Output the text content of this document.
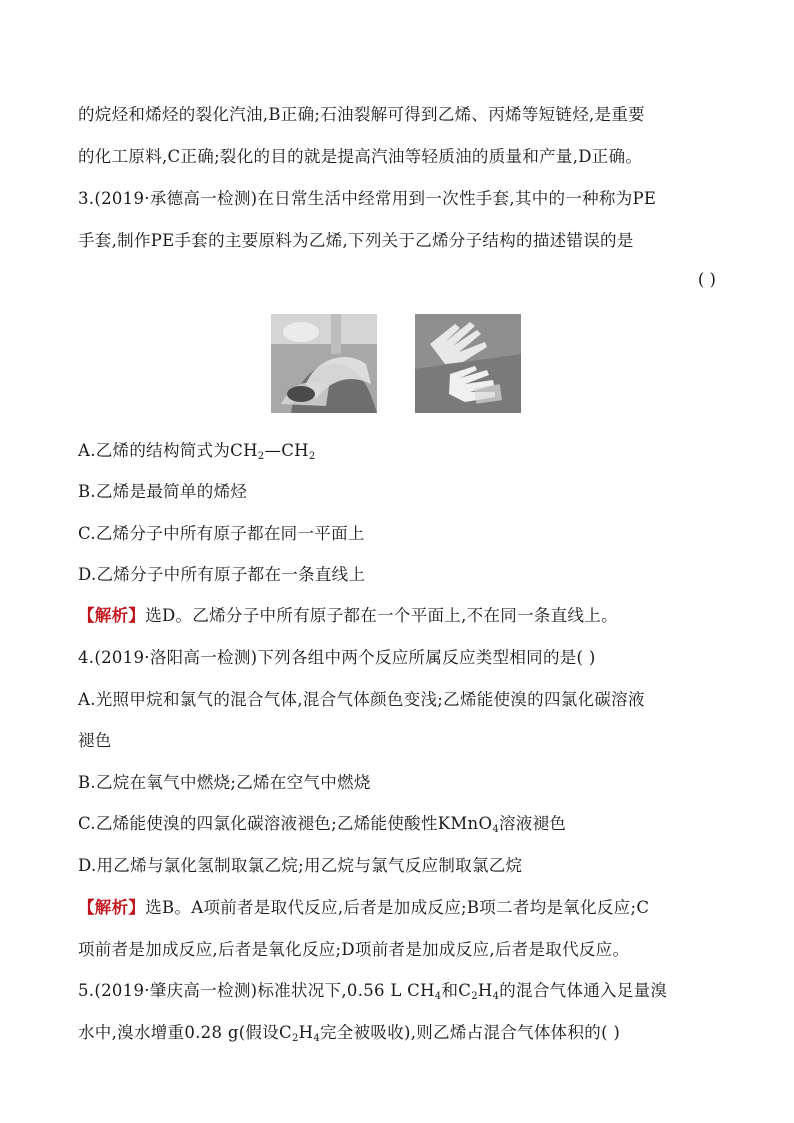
的烷烃和烯烃的裂化汽油,B正确;石油裂解可得到乙烯、丙烯等短链烃,是重要
的化工原料,C正确;裂化的目的就是提高汽油等轻质油的质量和产量,D正确。
3.(2019·承德高一检测)在日常生活中经常用到一次性手套,其中的一种称为PE
手套,制作PE手套的主要原料为乙烯,下列关于乙烯分子结构的描述错误的是
( )
A.乙烯的结构简式为$CH_2—CH_2$
B.乙烯是最简单的烯烃
C.乙烯分子中所有原子都在同一平面上
D.乙烯分子中所有原子都在一条直线上
【解析】选D。乙烯分子中所有原子都在一个平面上,不在同一条直线上。
4.(2019·洛阳高一检测)下列各组中两个反应所属反应类型相同的是( )
A.光照甲烷和氯气的混合气体,混合气体颜色变浅;乙烯能使溴的四氯化碳溶液
褪色
B.乙烷在氧气中燃烧;乙烯在空气中燃烧
C.乙烯能使溴的四氯化碳溶液褪色;乙烯能使酸性KMnO$_4$溶液褪色
D.用乙烯与氯化氢制取氯乙烷;用乙烷与氯气反应制取氯乙烷
【解析】选B。A项前者是取代反应,后者是加成反应;B项二者均是氧化反应;C
项前者是加成反应,后者是氧化反应;D项前者是加成反应,后者是取代反应。
5.(2019·肇庆高一检测)标准状况下,0.56 L $CH_4$和$C_2H_4$的混合气体通入足量溴
水中,溴水增重0.28 g(假设$C_2H_4$完全被吸收),则乙烯占混合气体体积的( )
